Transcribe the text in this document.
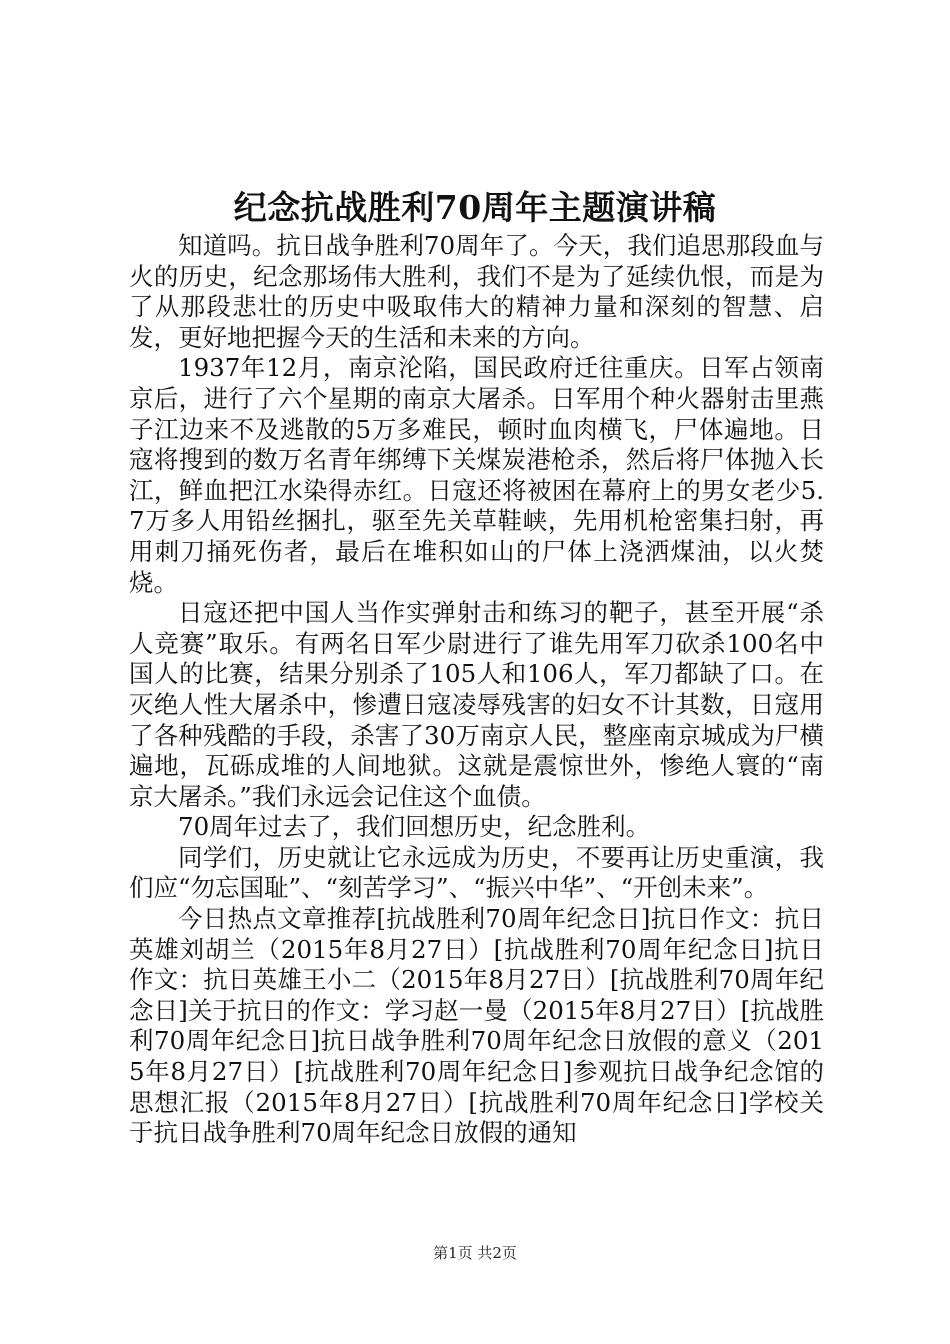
纪念抗战胜利70周年主题演讲稿

知道吗。抗日战争胜利70周年了。今天，我们追思那段血与火的历史，纪念那场伟大胜利，我们不是为了延续仇恨，而是为了从那段悲壮的历史中吸取伟大的精神力量和深刻的智慧、启发，更好地把握今天的生活和未来的方向。

1937年12月，南京沦陷，国民政府迁往重庆。日军占领南京后，进行了六个星期的南京大屠杀。日军用个种火器射击里燕子江边来不及逃散的5万多难民，顿时血肉横飞，尸体遍地。日寇将搜到的数万名青年绑缚下关煤炭港枪杀，然后将尸体抛入长江，鲜血把江水染得赤红。日寇还将被困在幕府上的男女老少5.7万多人用铅丝捆扎，驱至先关草鞋峡，先用机枪密集扫射，再用刺刀捅死伤者，最后在堆积如山的尸体上浇洒煤油，以火焚烧。

日寇还把中国人当作实弹射击和练习的靶子，甚至开展“杀人竞赛”取乐。有两名日军少尉进行了谁先用军刀砍杀100名中国人的比赛，结果分别杀了105人和106人，军刀都缺了口。在灭绝人性大屠杀中，惨遭日寇凌辱残害的妇女不计其数，日寇用了各种残酷的手段，杀害了30万南京人民，整座南京城成为尸横遍地，瓦砾成堆的人间地狱。这就是震惊世外，惨绝人寰的“南京大屠杀。”我们永远会记住这个血债。

70周年过去了，我们回想历史，纪念胜利。

同学们，历史就让它永远成为历史，不要再让历史重演，我们应“勿忘国耻”、“刻苦学习”、“振兴中华”、“开创未来”。

今日热点文章推荐[抗战胜利70周年纪念日]抗日作文：抗日英雄刘胡兰（2015年8月27日）[抗战胜利70周年纪念日]抗日作文：抗日英雄王小二（2015年8月27日）[抗战胜利70周年纪念日]关于抗日的作文：学习赵一曼（2015年8月27日）[抗战胜利70周年纪念日]抗日战争胜利70周年纪念日放假的意义（2015年8月27日）[抗战胜利70周年纪念日]参观抗日战争纪念馆的思想汇报（2015年8月27日）[抗战胜利70周年纪念日]学校关于抗日战争胜利70周年纪念日放假的通知

第1页 共2页
